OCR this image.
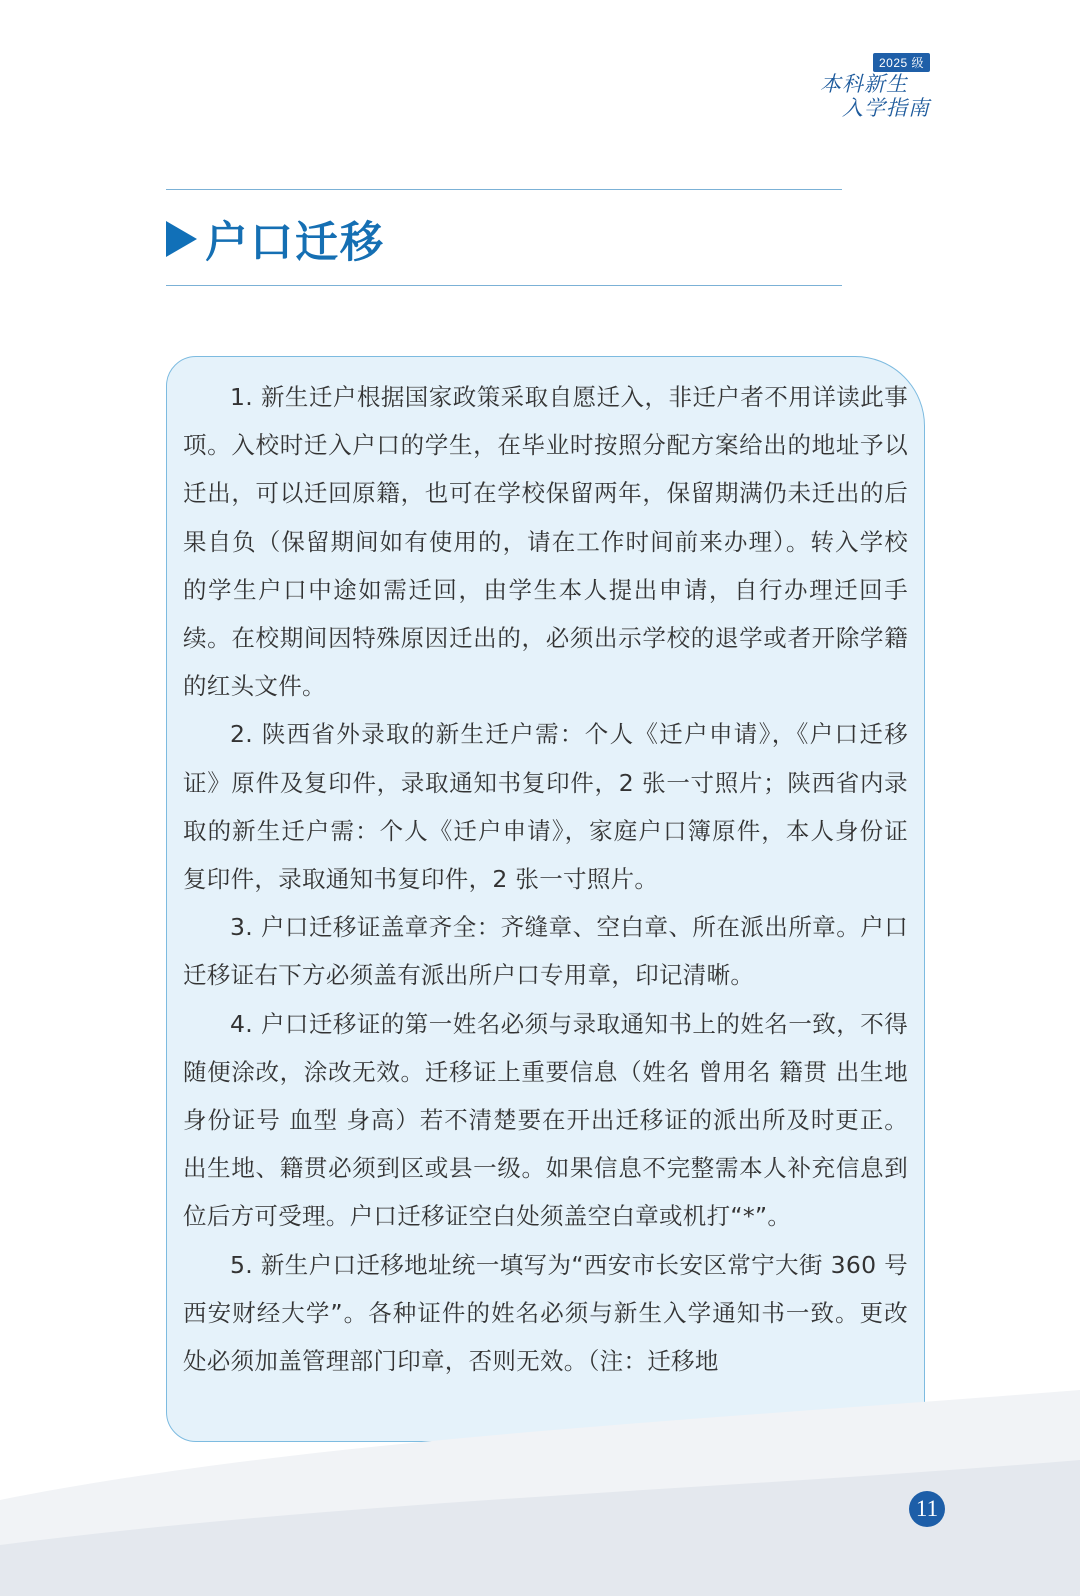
2025 级
本科新生
入学指南
户口迁移

1. 新生迁户根据国家政策采取自愿迁入，非迁户者不用详读此事项。入校时迁入户口的学生，在毕业时按照分配方案给出的地址予以迁出，可以迁回原籍，也可在学校保留两年，保留期满仍未迁出的后果自负（保留期间如有使用的，请在工作时间前来办理）。转入学校的学生户口中途如需迁回，由学生本人提出申请，自行办理迁回手续。在校期间因特殊原因迁出的，必须出示学校的退学或者开除学籍的红头文件。

2. 陕西省外录取的新生迁户需：个人《迁户申请》，《户口迁移证》原件及复印件，录取通知书复印件，2 张一寸照片；陕西省内录取的新生迁户需：个人《迁户申请》，家庭户口簿原件，本人身份证复印件，录取通知书复印件，2 张一寸照片。

3. 户口迁移证盖章齐全：齐缝章、空白章、所在派出所章。户口迁移证右下方必须盖有派出所户口专用章，印记清晰。

4. 户口迁移证的第一姓名必须与录取通知书上的姓名一致，不得随便涂改，涂改无效。迁移证上重要信息（姓名 曾用名 籍贯 出生地 身份证号 血型 身高）若不清楚要在开出迁移证的派出所及时更正。出生地、籍贯必须到区或县一级。如果信息不完整需本人补充信息到位后方可受理。户口迁移证空白处须盖空白章或机打“*”。

5. 新生户口迁移地址统一填写为“西安市长安区常宁大街 360 号西安财经大学”。各种证件的姓名必须与新生入学通知书一致。更改处必须加盖管理部门印章，否则无效。（注：迁移地

11
